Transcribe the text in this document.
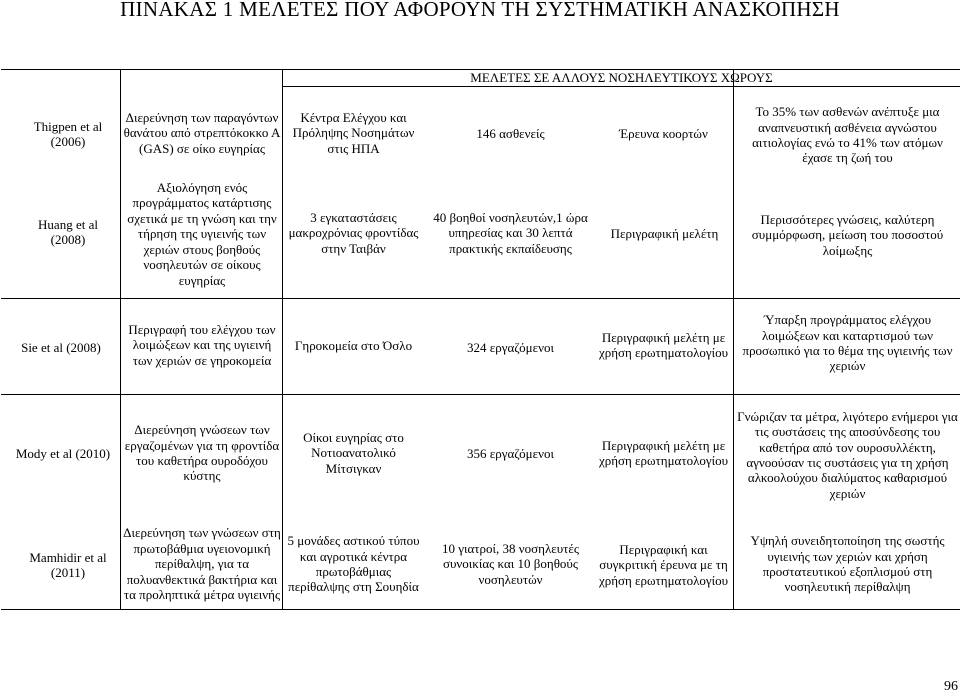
ΠΙΝΑΚΑΣ 1 ΜΕΛΕΤΕΣ ΠΟΥ ΑΦΟΡΟΥΝ ΤΗ ΣΥΣΤΗΜΑΤΙΚΗ ΑΝΑΣΚΟΠΗΣΗ
ΜΕΛΕΤΕΣ ΣΕ ΑΛΛΟΥΣ ΝΟΣΗΛΕΥΤΙΚΟΥΣ ΧΩΡΟΥΣ
Thigpen et al (2006)
Διερεύνηση των παραγόντων θανάτου από στρεπτόκοκκο Α (GAS) σε οίκο ευγηρίας
Κέντρα Ελέγχου και Πρόληψης Νοσημάτων στις ΗΠΑ
146 ασθενείς	Έρευνα κοορτών
Το 35% των ασθενών ανέπτυξε μια αναπνευστική ασθένεια αγνώστου αιτιολογίας ενώ το 41% των ατόμων έχασε τη ζωή του
Huang et al (2008)
Αξιολόγηση ενός προγράμματος κατάρτισης σχετικά με τη γνώση και την τήρηση της υγιεινής των χεριών στους βοηθούς νοσηλευτών σε οίκους ευγηρίας
3 εγκαταστάσεις μακροχρόνιας φροντίδας στην Ταιβάν
40 βοηθοί νοσηλευτών,1 ώρα υπηρεσίας και 30 λεπτά πρακτικής εκπαίδευσης
Περιγραφική μελέτη
Περισσότερες γνώσεις, καλύτερη συμμόρφωση, μείωση του ποσοστού λοίμωξης
Sie et al (2008)
Περιγραφή του ελέγχου των λοιμώξεων και της υγιεινή των χεριών σε γηροκομεία
Γηροκομεία στο Όσλο	324 εργαζόμενοι
Περιγραφική μελέτη με χρήση ερωτηματολογίου
Ύπαρξη προγράμματος ελέγχου λοιμώξεων και καταρτισμού των προσωπικό για το θέμα της υγιεινής των χεριών
Mody et al (2010)
Διερεύνηση γνώσεων των εργαζομένων για τη φροντίδα του καθετήρα ουροδόχου κύστης
Οίκοι ευγηρίας στο Νοτιοανατολικό Μίτσιγκαν
356 εργαζόμενοι
Περιγραφική μελέτη με χρήση ερωτηματολογίου
Γνώριζαν τα μέτρα, λιγότερο ενήμεροι για τις συστάσεις της αποσύνδεσης του καθετήρα από τον ουροσυλλέκτη, αγνοούσαν τις συστάσεις για τη χρήση αλκοολούχου διαλύματος καθαρισμού χεριών
Mamhidir et al (2011)
Διερεύνηση των γνώσεων στη πρωτοβάθμια υγειονομική περίθαλψη, για τα πολυανθεκτικά βακτήρια και τα προληπτικά μέτρα υγιεινής
5 μονάδες αστικού τύπου και αγροτικά κέντρα πρωτοβάθμιας περίθαλψης στη Σουηδία
10 γιατροί, 38 νοσηλευτές συνοικίας και 10 βοηθούς νοσηλευτών
Περιγραφική και συγκριτική έρευνα με τη χρήση ερωτηματολογίου
Υψηλή συνειδητοποίηση της σωστής υγιεινής των χεριών και χρήση προστατευτικού εξοπλισμού στη νοσηλευτική περίθαλψη
96
